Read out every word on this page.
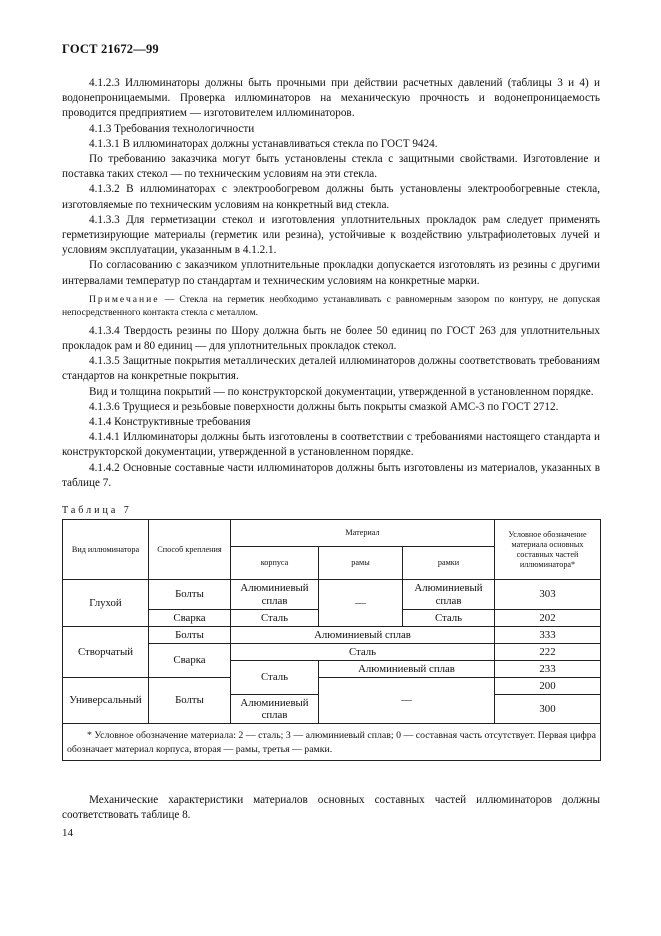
ГОСТ 21672—99

4.1.2.3 Иллюминаторы должны быть прочными при действии расчетных давлений (таблицы 3 и 4) и водонепроницаемыми. Проверка иллюминаторов на механическую прочность и водонепроницаемость проводится предприятием — изготовителем иллюминаторов.

4.1.3 Требования технологичности

4.1.3.1 В иллюминаторах должны устанавливаться стекла по ГОСТ 9424.

По требованию заказчика могут быть установлены стекла с защитными свойствами. Изготовление и поставка таких стекол — по техническим условиям на эти стекла.

4.1.3.2 В иллюминаторах с электрообогревом должны быть установлены электрообогревные стекла, изготовляемые по техническим условиям на конкретный вид стекла.

4.1.3.3 Для герметизации стекол и изготовления уплотнительных прокладок рам следует применять герметизирующие материалы (герметик или резина), устойчивые к воздействию ультрафиолетовых лучей и условиям эксплуатации, указанным в 4.1.2.1.

По согласованию с заказчиком уплотнительные прокладки допускается изготовлять из резины с другими интервалами температур по стандартам и техническим условиям на конкретные марки.

Примечание — Стекла на герметик необходимо устанавливать с равномерным зазором по контуру, не допуская непосредственного контакта стекла с металлом.

4.1.3.4 Твердость резины по Шору должна быть не более 50 единиц по ГОСТ 263 для уплотнительных прокладок рам и 80 единиц — для уплотнительных прокладок стекол.

4.1.3.5 Защитные покрытия металлических деталей иллюминаторов должны соответствовать требованиям стандартов на конкретные покрытия.

Вид и толщина покрытий — по конструкторской документации, утвержденной в установленном порядке.

4.1.3.6 Трущиеся и резьбовые поверхности должны быть покрыты смазкой АМС-3 по ГОСТ 2712.

4.1.4 Конструктивные требования

4.1.4.1 Иллюминаторы должны быть изготовлены в соответствии с требованиями настоящего стандарта и конструкторской документации, утвержденной в установленном порядке.

4.1.4.2 Основные составные части иллюминаторов должны быть изготовлены из материалов, указанных в таблице 7.

Таблица 7
Вид иллюминатора	Способ крепления	Материал			Условное обозначение материала основных составных частей иллюминатора*
		корпуса	рамы	рамки	
Глухой	Болты	Алюминиевый сплав	—	Алюминиевый сплав	303
	Сварка	Сталь		Сталь	202
Створчатый	Болты	Алюминиевый сплав			333
	Сварка	Сталь			222
		Сталь	Алюминиевый сплав		233
Универсальный	Болты		—		200
		Алюминиевый сплав			300
* Условное обозначение материала: 2 — сталь; 3 — алюминиевый сплав; 0 — составная часть отсутствует. Первая цифра обозначает материал корпуса, вторая — рамы, третья — рамки.					

Механические характеристики материалов основных составных частей иллюминаторов должны соответствовать таблице 8.

14
